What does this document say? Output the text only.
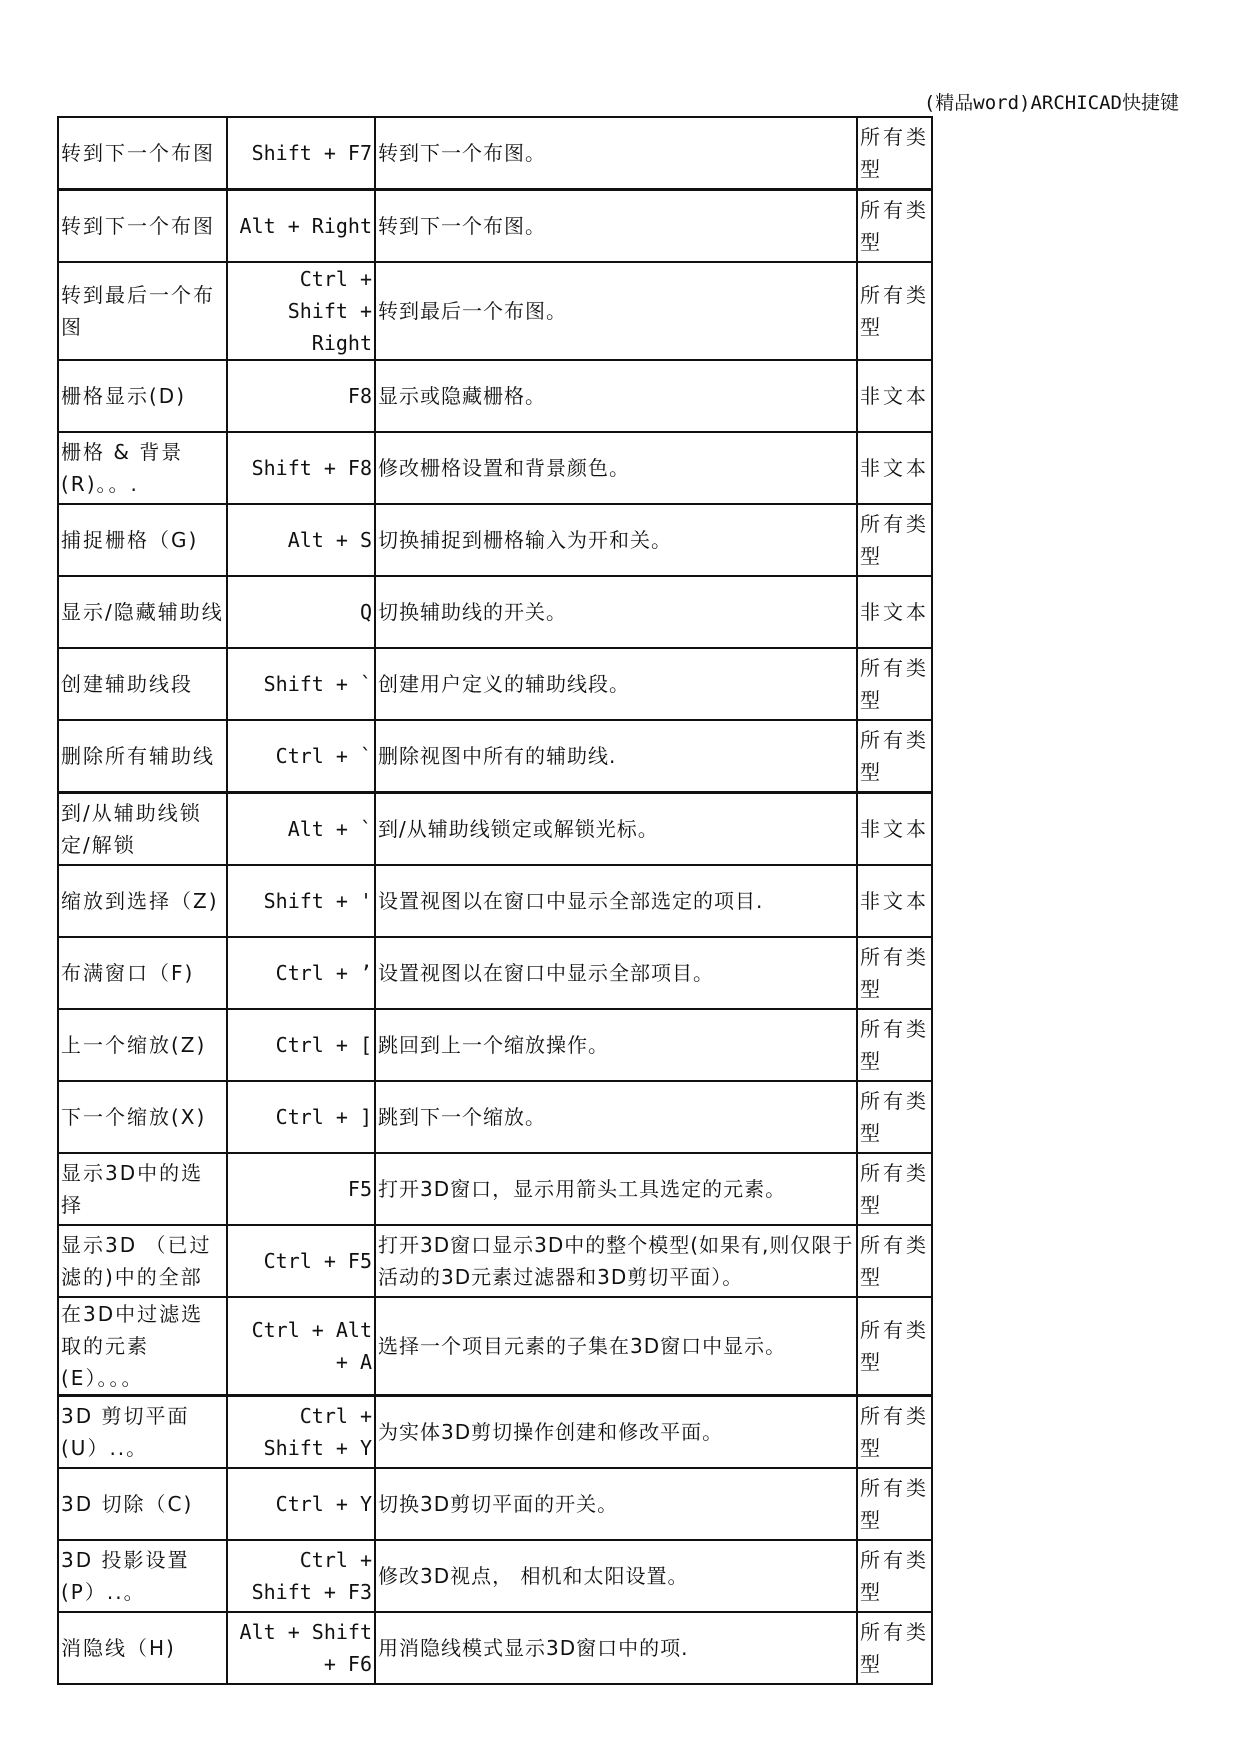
(精品word)ARCHICAD快捷键
转到下一个布图	Shift + F7	转到下一个布图。	所有类型
转到下一个布图	Alt + Right	转到下一个布图。	所有类型
转到最后一个布图	Ctrl + Shift + Right	转到最后一个布图。	所有类型
栅格显示(D)	F8	显示或隐藏栅格。	非文本
栅格 & 背景(R)。。.	Shift + F8	修改栅格设置和背景颜色。	非文本
捕捉栅格（G)	Alt + S	切换捕捉到栅格输入为开和关。	所有类型
显示/隐藏辅助线	Q	切换辅助线的开关。	非文本
创建辅助线段	Shift + `	创建用户定义的辅助线段。	所有类型
删除所有辅助线	Ctrl + `	删除视图中所有的辅助线.	所有类型
到/从辅助线锁定/解锁	Alt + `	到/从辅助线锁定或解锁光标。	非文本
缩放到选择（Z)	Shift + '	设置视图以在窗口中显示全部选定的项目.	非文本
布满窗口（F)	Ctrl + ’	设置视图以在窗口中显示全部项目。	所有类型
上一个缩放(Z)	Ctrl + [	跳回到上一个缩放操作。	所有类型
下一个缩放(X)	Ctrl + ]	跳到下一个缩放。	所有类型
显示3D中的选择	F5	打开3D窗口，显示用箭头工具选定的元素。	所有类型
显示3D （已过滤的)中的全部	Ctrl + F5	打开3D窗口显示3D中的整个模型(如果有,则仅限于活动的3D元素过滤器和3D剪切平面）。	所有类型
在3D中过滤选取的元素(E）。。。	Ctrl + Alt + A	选择一个项目元素的子集在3D窗口中显示。	所有类型
3D 剪切平面(U）..。	Ctrl + Shift + Y	为实体3D剪切操作创建和修改平面。	所有类型
3D 切除（C)	Ctrl + Y	切换3D剪切平面的开关。	所有类型
3D 投影设置(P）..。	Ctrl + Shift + F3	修改3D视点， 相机和太阳设置。	所有类型
消隐线（H)	Alt + Shift + F6	用消隐线模式显示3D窗口中的项.	所有类型
